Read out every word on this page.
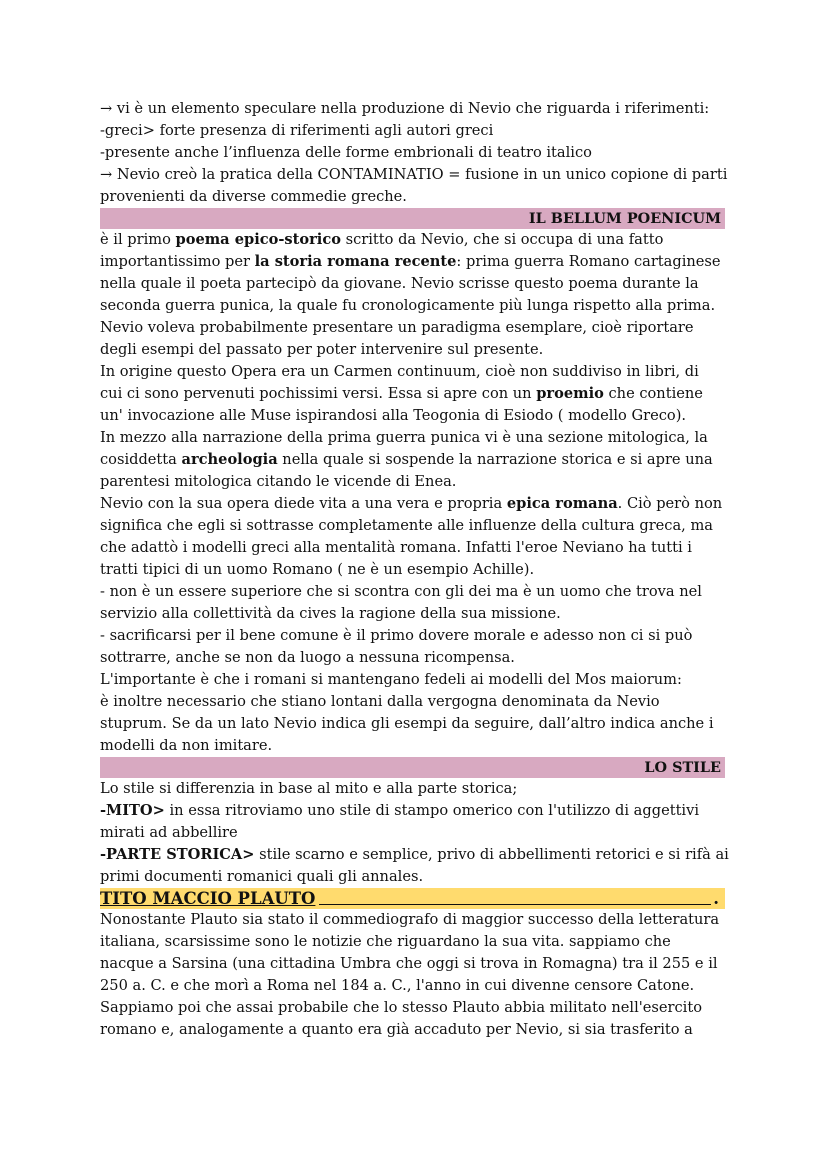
→ vi è un elemento speculare nella produzione di Nevio che riguarda i riferimenti:
-greci> forte presenza di riferimenti agli autori greci
-presente anche l’influenza delle forme embrionali di teatro italico
→ Nevio creò la pratica della CONTAMINATIO = fusione in un unico copione di parti
provenienti da diverse commedie greche.
IL BELLUM POENICUM
è il primo poema epico-storico scritto da Nevio, che si occupa di una fatto
importantissimo per la storia romana recente: prima guerra Romano cartaginese
nella quale il poeta partecipò da giovane. Nevio scrisse questo poema durante la
seconda guerra punica, la quale fu cronologicamente più lunga rispetto alla prima.
Nevio voleva probabilmente presentare un paradigma esemplare, cioè riportare
degli esempi del passato per poter intervenire sul presente.
In origine questo Opera era un Carmen continuum, cioè non suddiviso in libri, di
cui ci sono pervenuti pochissimi versi. Essa si apre con un proemio che contiene
un' invocazione alle Muse ispirandosi alla Teogonia di Esiodo ( modello Greco).
In mezzo alla narrazione della prima guerra punica vi è una sezione mitologica, la
cosiddetta archeologia nella quale si sospende la narrazione storica e si apre una
parentesi mitologica citando le vicende di Enea.
Nevio con la sua opera diede vita a una vera e propria epica romana. Ciò però non
significa che egli si sottrasse completamente alle influenze della cultura greca, ma
che adattò i modelli greci alla mentalità romana. Infatti l'eroe Neviano ha tutti i
tratti tipici di un uomo Romano ( ne è un esempio Achille).
- non è un essere superiore che si scontra con gli dei ma è un uomo che trova nel
servizio alla collettività da cives la ragione della sua missione.
- sacrificarsi per il bene comune è il primo dovere morale e adesso non ci si può
sottrarre, anche se non da luogo a nessuna ricompensa.
L'importante è che i romani si mantengano fedeli ai modelli del Mos maiorum:
è inoltre necessario che stiano lontani dalla vergogna denominata da Nevio
stuprum. Se da un lato Nevio indica gli esempi da seguire, dall’altro indica anche i
modelli da non imitare.
LO STILE
Lo stile si differenzia in base al mito e alla parte storica;
-MITO> in essa ritroviamo uno stile di stampo omerico con l'utilizzo di aggettivi
mirati ad abbellire
-PARTE STORICA> stile scarno e semplice, privo di abbellimenti retorici e si rifà ai
primi documenti romanici quali gli annales.
TITO MACCIO PLAUTO	.
Nonostante Plauto sia stato il commediografo di maggior successo della letteratura
italiana, scarsissime sono le notizie che riguardano la sua vita. sappiamo che
nacque a Sarsina (una cittadina Umbra che oggi si trova in Romagna) tra il 255 e il
250 a. C. e che morì a Roma nel 184 a. C., l'anno in cui divenne censore Catone.
Sappiamo poi che assai probabile che lo stesso Plauto abbia militato nell'esercito
romano e, analogamente a quanto era già accaduto per Nevio, si sia trasferito a
